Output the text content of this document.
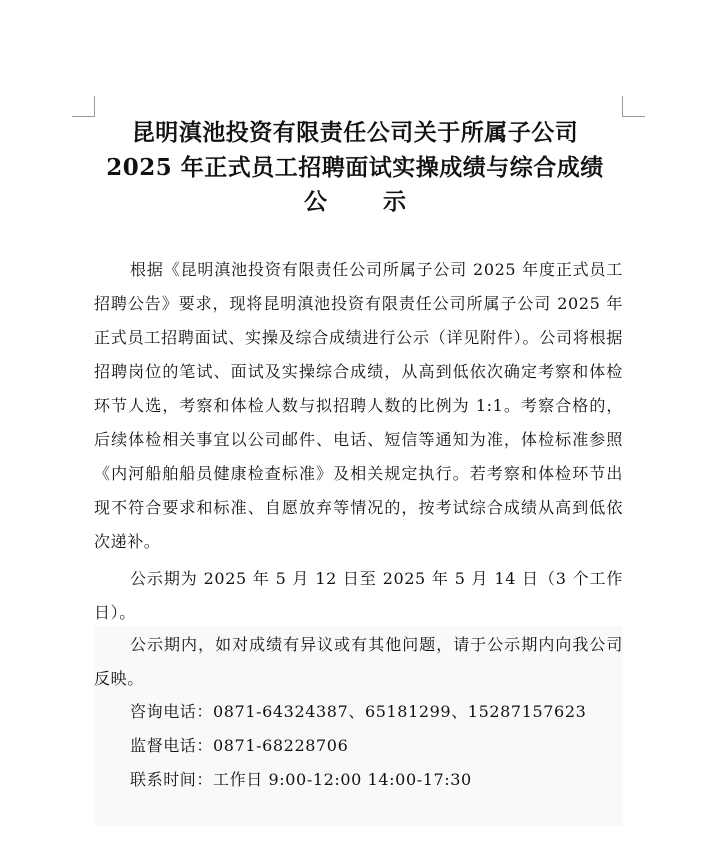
昆明滇池投资有限责任公司关于所属子公司
2025 年正式员工招聘面试实操成绩与综合成绩
公 示

根据《昆明滇池投资有限责任公司所属子公司 2025 年度正式员工招聘公告》要求，现将昆明滇池投资有限责任公司所属子公司 2025 年正式员工招聘面试、实操及综合成绩进行公示（详见附件）。公司将根据招聘岗位的笔试、面试及实操综合成绩，从高到低依次确定考察和体检环节人选，考察和体检人数与拟招聘人数的比例为 1:1。考察合格的，后续体检相关事宜以公司邮件、电话、短信等通知为准，体检标准参照《内河船舶船员健康检查标准》及相关规定执行。若考察和体检环节出现不符合要求和标准、自愿放弃等情况的，按考试综合成绩从高到低依次递补。

公示期为 2025 年 5 月 12 日至 2025 年 5 月 14 日（3 个工作日）。

公示期内，如对成绩有异议或有其他问题，请于公示期内向我公司反映。

咨询电话：0871-64324387、65181299、15287157623

监督电话：0871-68228706

联系时间：工作日 9:00-12:00 14:00-17:30
